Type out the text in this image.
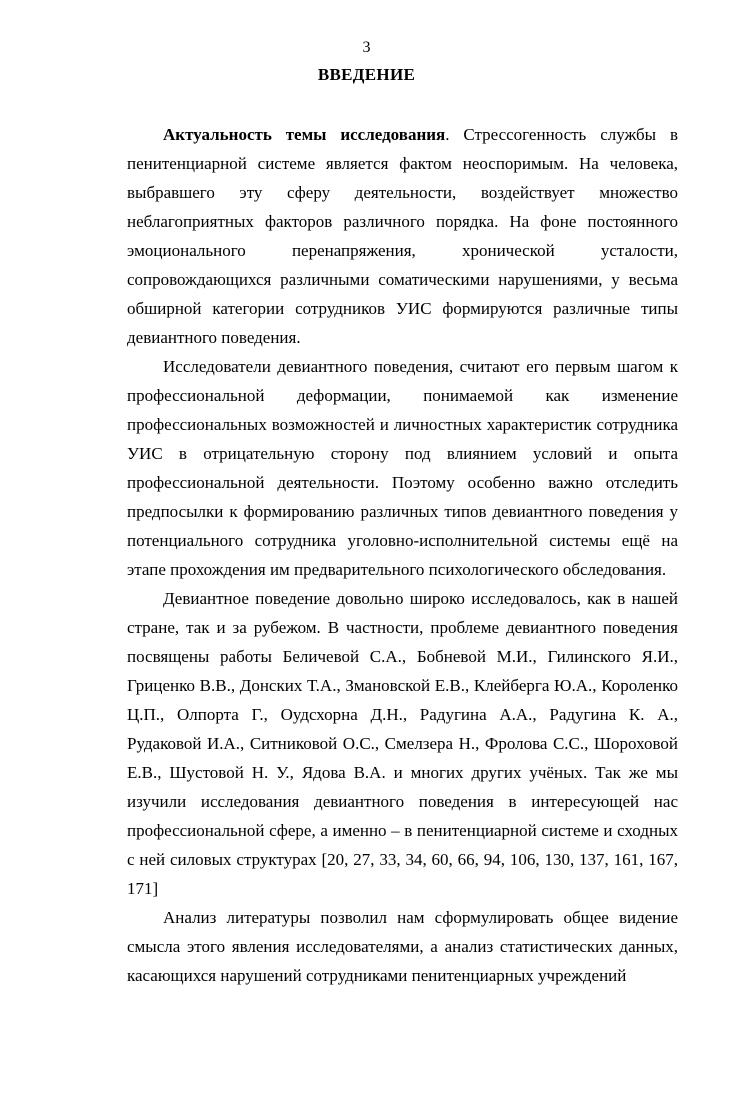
3
ВВЕДЕНИЕ

Актуальность темы исследования. Стрессогенность службы в пенитенциарной системе является фактом неоспоримым. На человека, выбравшего эту сферу деятельности, воздействует множество неблагоприятных факторов различного порядка. На фоне постоянного эмоционального перенапряжения, хронической усталости, сопровождающихся различными соматическими нарушениями, у весьма обширной категории сотрудников УИС формируются различные типы девиантного поведения.

Исследователи девиантного поведения, считают его первым шагом к профессиональной деформации, понимаемой как изменение профессиональных возможностей и личностных характеристик сотрудника УИС в отрицательную сторону под влиянием условий и опыта профессиональной деятельности. Поэтому особенно важно отследить предпосылки к формированию различных типов девиантного поведения у потенциального сотрудника уголовно-исполнительной системы ещё на этапе прохождения им предварительного психологического обследования.

Девиантное поведение довольно широко исследовалось, как в нашей стране, так и за рубежом. В частности, проблеме девиантного поведения посвящены работы Беличевой С.А., Бобневой М.И., Гилинского Я.И., Гриценко В.В., Донских Т.А., Змановской Е.В., Клейберга Ю.А., Короленко Ц.П., Олпорта Г., Оудсхорна Д.Н., Радугина А.А., Радугина К. А., Рудаковой И.А., Ситниковой О.С., Смелзера Н., Фролова С.С., Шороховой Е.В., Шустовой Н. У., Ядова В.А. и многих других учёных. Так же мы изучили исследования девиантного поведения в интересующей нас профессиональной сфере, а именно – в пенитенциарной системе и сходных с ней силовых структурах [20, 27, 33, 34, 60, 66, 94, 106, 130, 137, 161, 167, 171]

Анализ литературы позволил нам сформулировать общее видение смысла этого явления исследователями, а анализ статистических данных, касающихся нарушений сотрудниками пенитенциарных учреждений
